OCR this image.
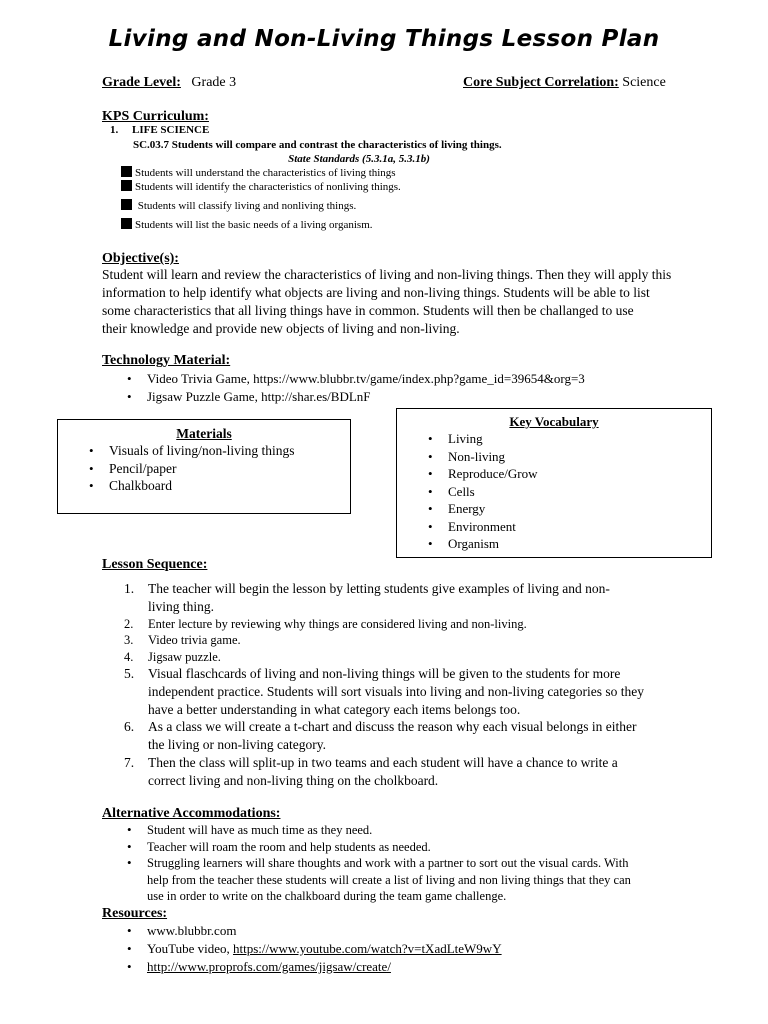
Living and Non-Living Things Lesson Plan
Grade Level: Grade 3	Core Subject Correlation: Science
KPS Curriculum:
1. LIFE SCIENCE
SC.03.7 Students will compare and contrast the characteristics of living things.
State Standards (5.3.1a, 5.3.1b)
Students will understand the characteristics of living things
Students will identify the characteristics of nonliving things.
Students will classify living and nonliving things.
Students will list the basic needs of a living organism.
Objective(s):
Student will learn and review the characteristics of living and non-living things. Then they will apply this
information to help identify what objects are living and non-living things. Students will be able to list
some characteristics that all living things have in common. Students will then be challanged to use
their knowledge and provide new objects of living and non-living.
Technology Material:
• Video Trivia Game, https://www.blubbr.tv/game/index.php?game_id=39654&org=3
• Jigsaw Puzzle Game, http://shar.es/BDLnF
Materials
• Visuals of living/non-living things
• Pencil/paper
• Chalkboard
Key Vocabulary
• Living
• Non-living
• Reproduce/Grow
• Cells
• Energy
• Environment
• Organism
Lesson Sequence:
1. The teacher will begin the lesson by letting students give examples of living and non-
living thing.
2. Enter lecture by reviewing why things are considered living and non-living.
3. Video trivia game.
4. Jigsaw puzzle.
5. Visual flaschcards of living and non-living things will be given to the students for more
independent practice. Students will sort visuals into living and non-living categories so they
have a better understanding in what category each items belongs too.
6. As a class we will create a t-chart and discuss the reason why each visual belongs in either
the living or non-living category.
7. Then the class will split-up in two teams and each student will have a chance to write a
correct living and non-living thing on the cholkboard.
Alternative Accommodations:
• Student will have as much time as they need.
• Teacher will roam the room and help students as needed.
• Struggling learners will share thoughts and work with a partner to sort out the visual cards. With
help from the teacher these students will create a list of living and non living things that they can
use in order to write on the chalkboard during the team game challenge.
Resources:
• www.blubbr.com
• YouTube video, https://www.youtube.com/watch?v=tXadLteW9wY
• http://www.proprofs.com/games/jigsaw/create/
